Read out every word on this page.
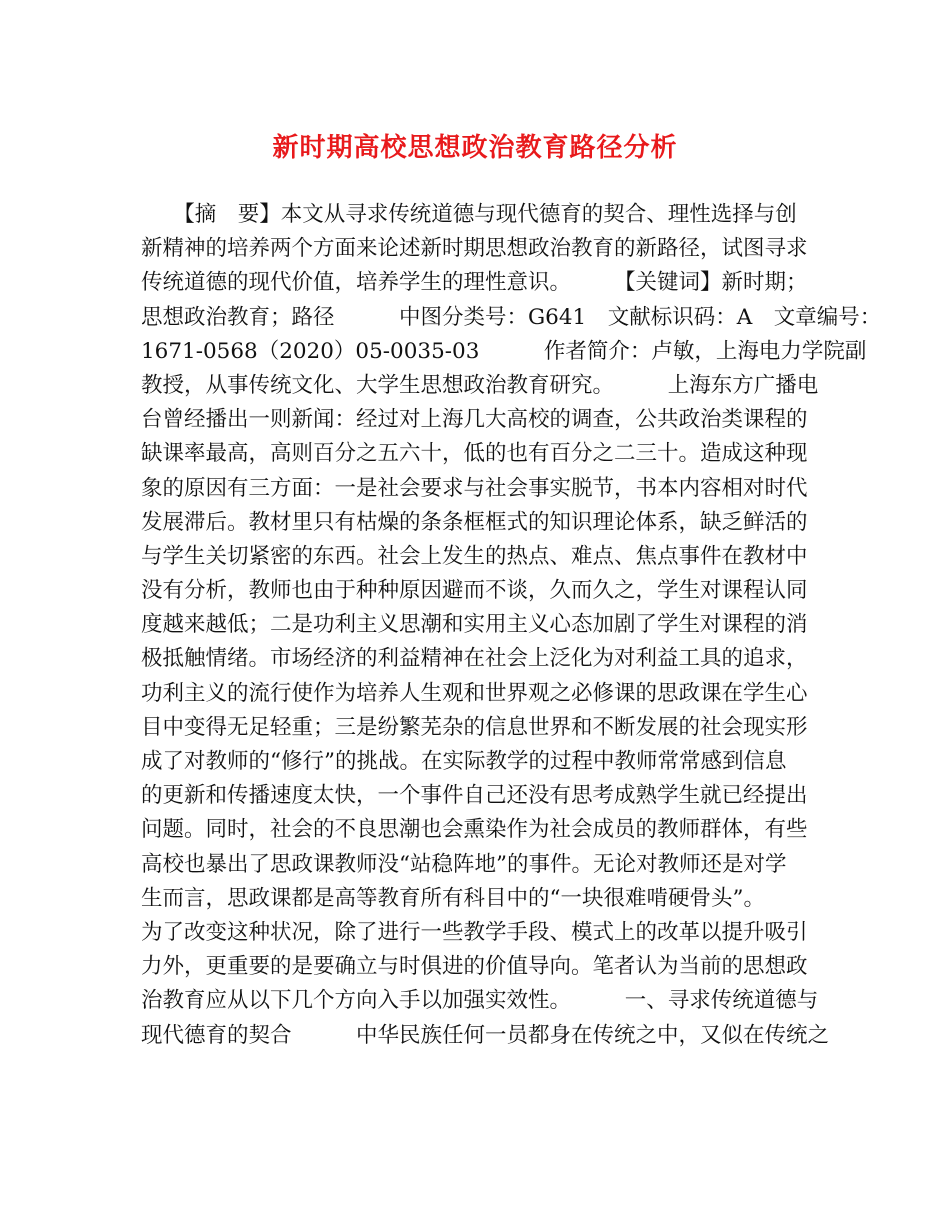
新时期高校思想政治教育路径分析
　　【摘　要】本文从寻求传统道德与现代德育的契合、理性选择与创
新精神的培养两个方面来论述新时期思想政治教育的新路径，试图寻求
传统道德的现代价值，培养学生的理性意识。　　　【关键词】新时期；
思想政治教育；路径　　　中图分类号：G641　文献标识码：A　文章编号：
1671-0568（2020）05-0035-03　　　作者简介：卢敏，上海电力学院副
教授，从事传统文化、大学生思想政治教育研究。　　　上海东方广播电
台曾经播出一则新闻：经过对上海几大高校的调查，公共政治类课程的
缺课率最高，高则百分之五六十，低的也有百分之二三十。造成这种现
象的原因有三方面：一是社会要求与社会事实脱节，书本内容相对时代
发展滞后。教材里只有枯燥的条条框框式的知识理论体系，缺乏鲜活的
与学生关切紧密的东西。社会上发生的热点、难点、焦点事件在教材中
没有分析，教师也由于种种原因避而不谈，久而久之，学生对课程认同
度越来越低；二是功利主义思潮和实用主义心态加剧了学生对课程的消
极抵触情绪。市场经济的利益精神在社会上泛化为对利益工具的追求，
功利主义的流行使作为培养人生观和世界观之必修课的思政课在学生心
目中变得无足轻重；三是纷繁芜杂的信息世界和不断发展的社会现实形
成了对教师的“修行”的挑战。在实际教学的过程中教师常常感到信息
的更新和传播速度太快，一个事件自己还没有思考成熟学生就已经提出
问题。同时，社会的不良思潮也会熏染作为社会成员的教师群体，有些
高校也暴出了思政课教师没“站稳阵地”的事件。无论对教师还是对学
生而言，思政课都是高等教育所有科目中的“一块很难啃硬骨头”。
为了改变这种状况，除了进行一些教学手段、模式上的改革以提升吸引
力外，更重要的是要确立与时俱进的价值导向。笔者认为当前的思想政
治教育应从以下几个方向入手以加强实效性。　　　一、寻求传统道德与
现代德育的契合　　　中华民族任何一员都身在传统之中，又似在传统之
